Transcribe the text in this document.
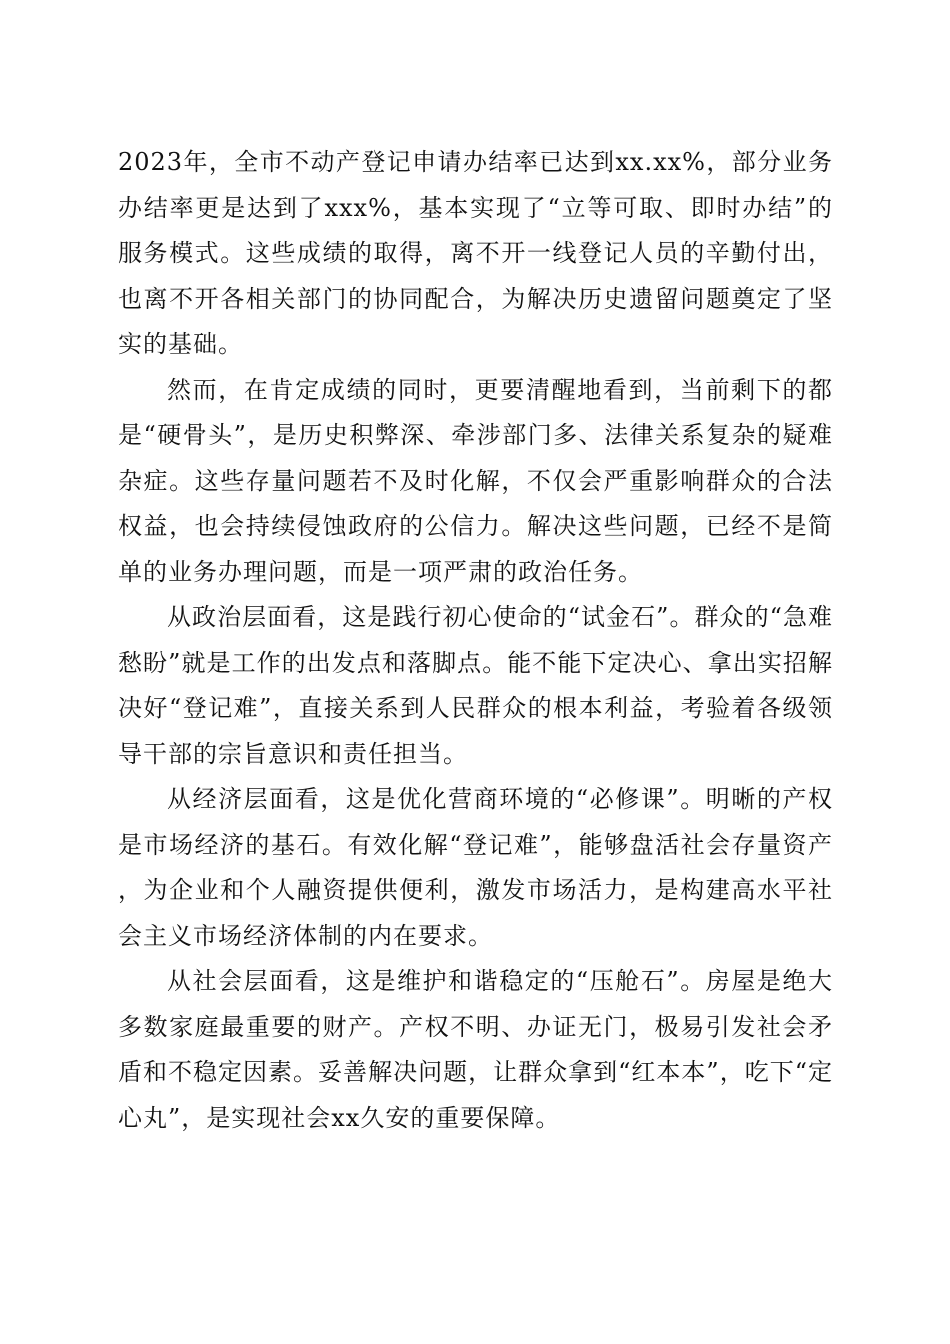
2023年，全市不动产登记申请办结率已达到xx.xx%，部分业务办结率更是达到了xxx%，基本实现了“立等可取、即时办结”的服务模式。这些成绩的取得，离不开一线登记人员的辛勤付出，也离不开各相关部门的协同配合，为解决历史遗留问题奠定了坚实的基础。

然而，在肯定成绩的同时，更要清醒地看到，当前剩下的都是“硬骨头”，是历史积弊深、牵涉部门多、法律关系复杂的疑难杂症。这些存量问题若不及时化解，不仅会严重影响群众的合法权益，也会持续侵蚀政府的公信力。解决这些问题，已经不是简单的业务办理问题，而是一项严肃的政治任务。

从政治层面看，这是践行初心使命的“试金石”。群众的“急难愁盼”就是工作的出发点和落脚点。能不能下定决心、拿出实招解决好“登记难”，直接关系到人民群众的根本利益，考验着各级领导干部的宗旨意识和责任担当。

从经济层面看，这是优化营商环境的“必修课”。明晰的产权是市场经济的基石。有效化解“登记难”，能够盘活社会存量资产，为企业和个人融资提供便利，激发市场活力，是构建高水平社会主义市场经济体制的内在要求。

从社会层面看，这是维护和谐稳定的“压舱石”。房屋是绝大多数家庭最重要的财产。产权不明、办证无门，极易引发社会矛盾和不稳定因素。妥善解决问题，让群众拿到“红本本”，吃下“定心丸”，是实现社会xx久安的重要保障。
